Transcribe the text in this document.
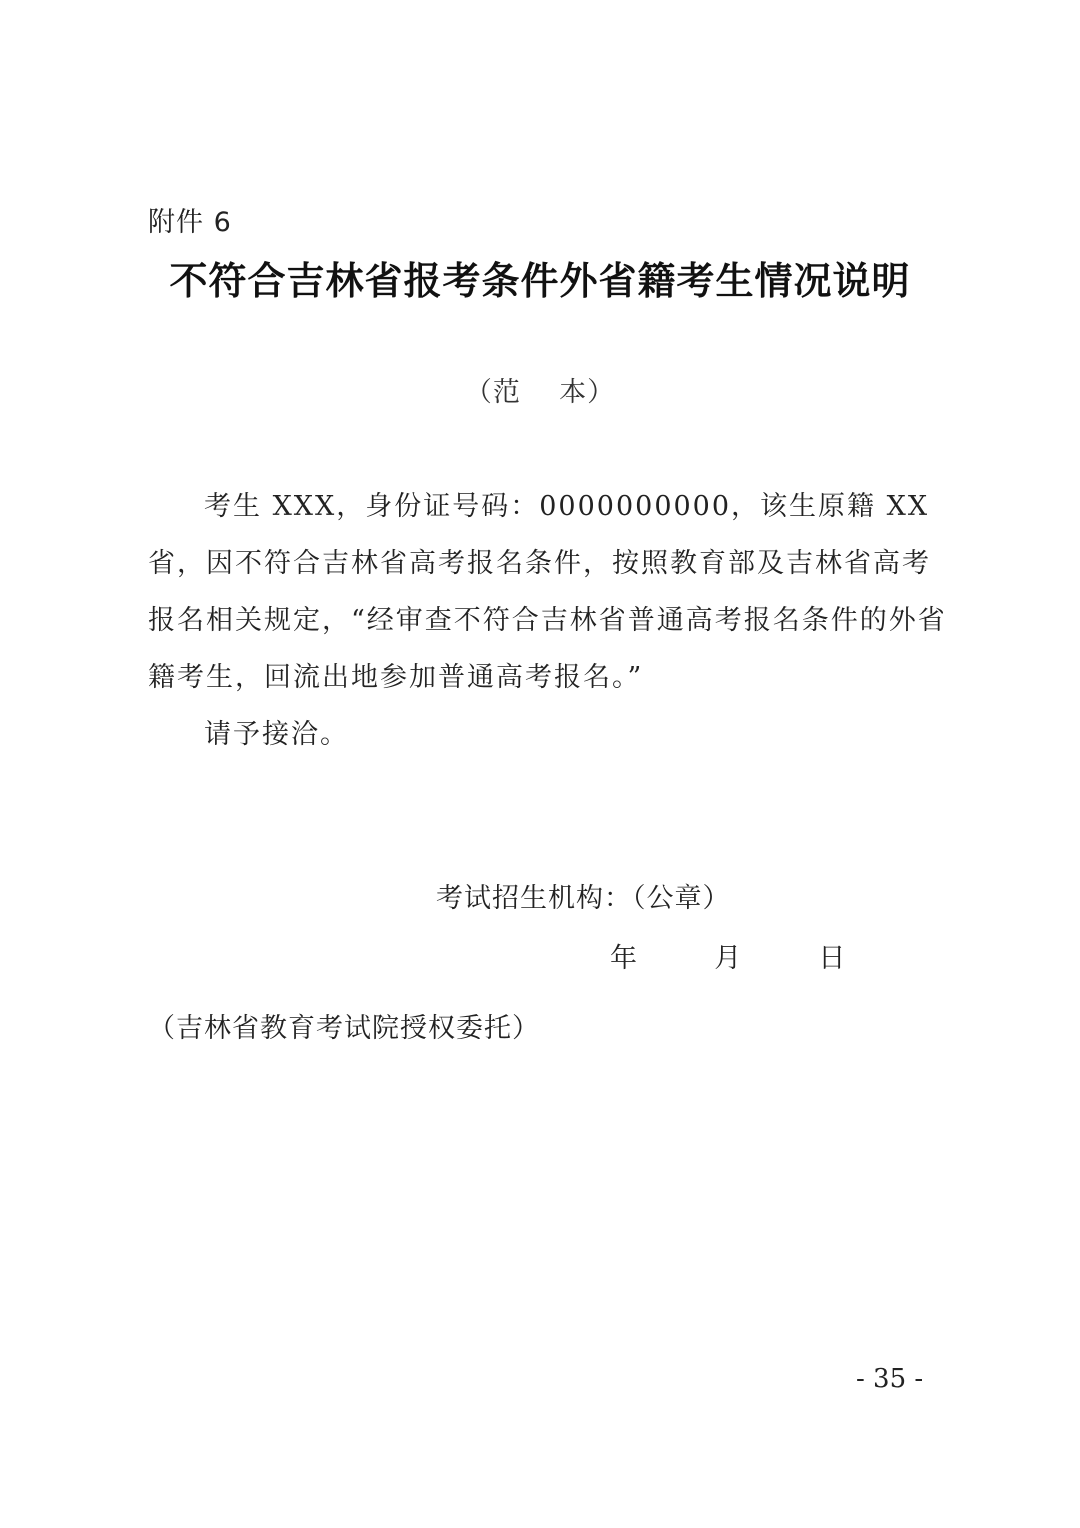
附件 6
不符合吉林省报考条件外省籍考生情况说明
（范    本）

考生 XXX，身份证号码：0000000000，该生原籍 XX 省，因不符合吉林省高考报名条件，按照教育部及吉林省高考报名相关规定，“经审查不符合吉林省普通高考报名条件的外省籍考生，回流出地参加普通高考报名。”

请予接洽。

考试招生机构：（公章）
年	月	日
（吉林省教育考试院授权委托）
- 35 -
